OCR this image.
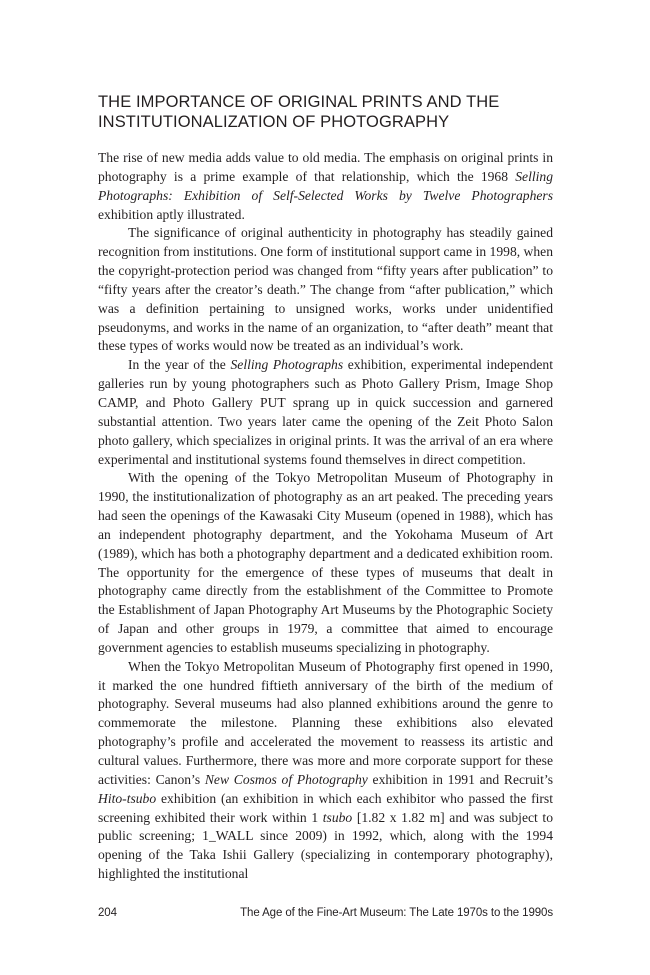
THE IMPORTANCE OF ORIGINAL PRINTS AND THE INSTITUTIONALIZATION OF PHOTOGRAPHY

The rise of new media adds value to old media. The emphasis on original prints in photography is a prime example of that relationship, which the 1968 Selling Photographs: Exhibition of Self-Selected Works by Twelve Photographers exhibition aptly illustrated.

The significance of original authenticity in photography has steadily gained recognition from institutions. One form of institutional support came in 1998, when the copyright-protection period was changed from “fifty years after publication” to “fifty years after the creator’s death.” The change from “after publication,” which was a definition pertaining to unsigned works, works under unidentified pseudonyms, and works in the name of an organization, to “after death” meant that these types of works would now be treated as an individual’s work.

In the year of the Selling Photographs exhibition, experimental independent galleries run by young photographers such as Photo Gallery Prism, Image Shop CAMP, and Photo Gallery PUT sprang up in quick succession and garnered substantial attention. Two years later came the opening of the Zeit Photo Salon photo gallery, which specializes in original prints. It was the arrival of an era where experimental and institutional systems found themselves in direct competition.

With the opening of the Tokyo Metropolitan Museum of Photography in 1990, the institutionalization of photography as an art peaked. The preceding years had seen the openings of the Kawasaki City Museum (opened in 1988), which has an independent photography department, and the Yokohama Museum of Art (1989), which has both a photography department and a dedicated exhibition room. The opportunity for the emergence of these types of museums that dealt in photography came directly from the establishment of the Committee to Promote the Establishment of Japan Photography Art Museums by the Photographic Society of Japan and other groups in 1979, a committee that aimed to encourage government agencies to establish museums specializing in photography.

When the Tokyo Metropolitan Museum of Photography first opened in 1990, it marked the one hundred fiftieth anniversary of the birth of the medium of photography. Several museums had also planned exhibitions around the genre to commemorate the milestone. Planning these exhibitions also elevated photography’s profile and accelerated the movement to reassess its artistic and cultural values. Furthermore, there was more and more corporate support for these activities: Canon’s New Cosmos of Photography exhibition in 1991 and Recruit’s Hito-tsubo exhibition (an exhibition in which each exhibitor who passed the first screening exhibited their work within 1 tsubo [1.82 x 1.82 m] and was subject to public screening; 1_WALL since 2009) in 1992, which, along with the 1994 opening of the Taka Ishii Gallery (specializing in contemporary photography), highlighted the institutional

204	The Age of the Fine-Art Museum: The Late 1970s to the 1990s
